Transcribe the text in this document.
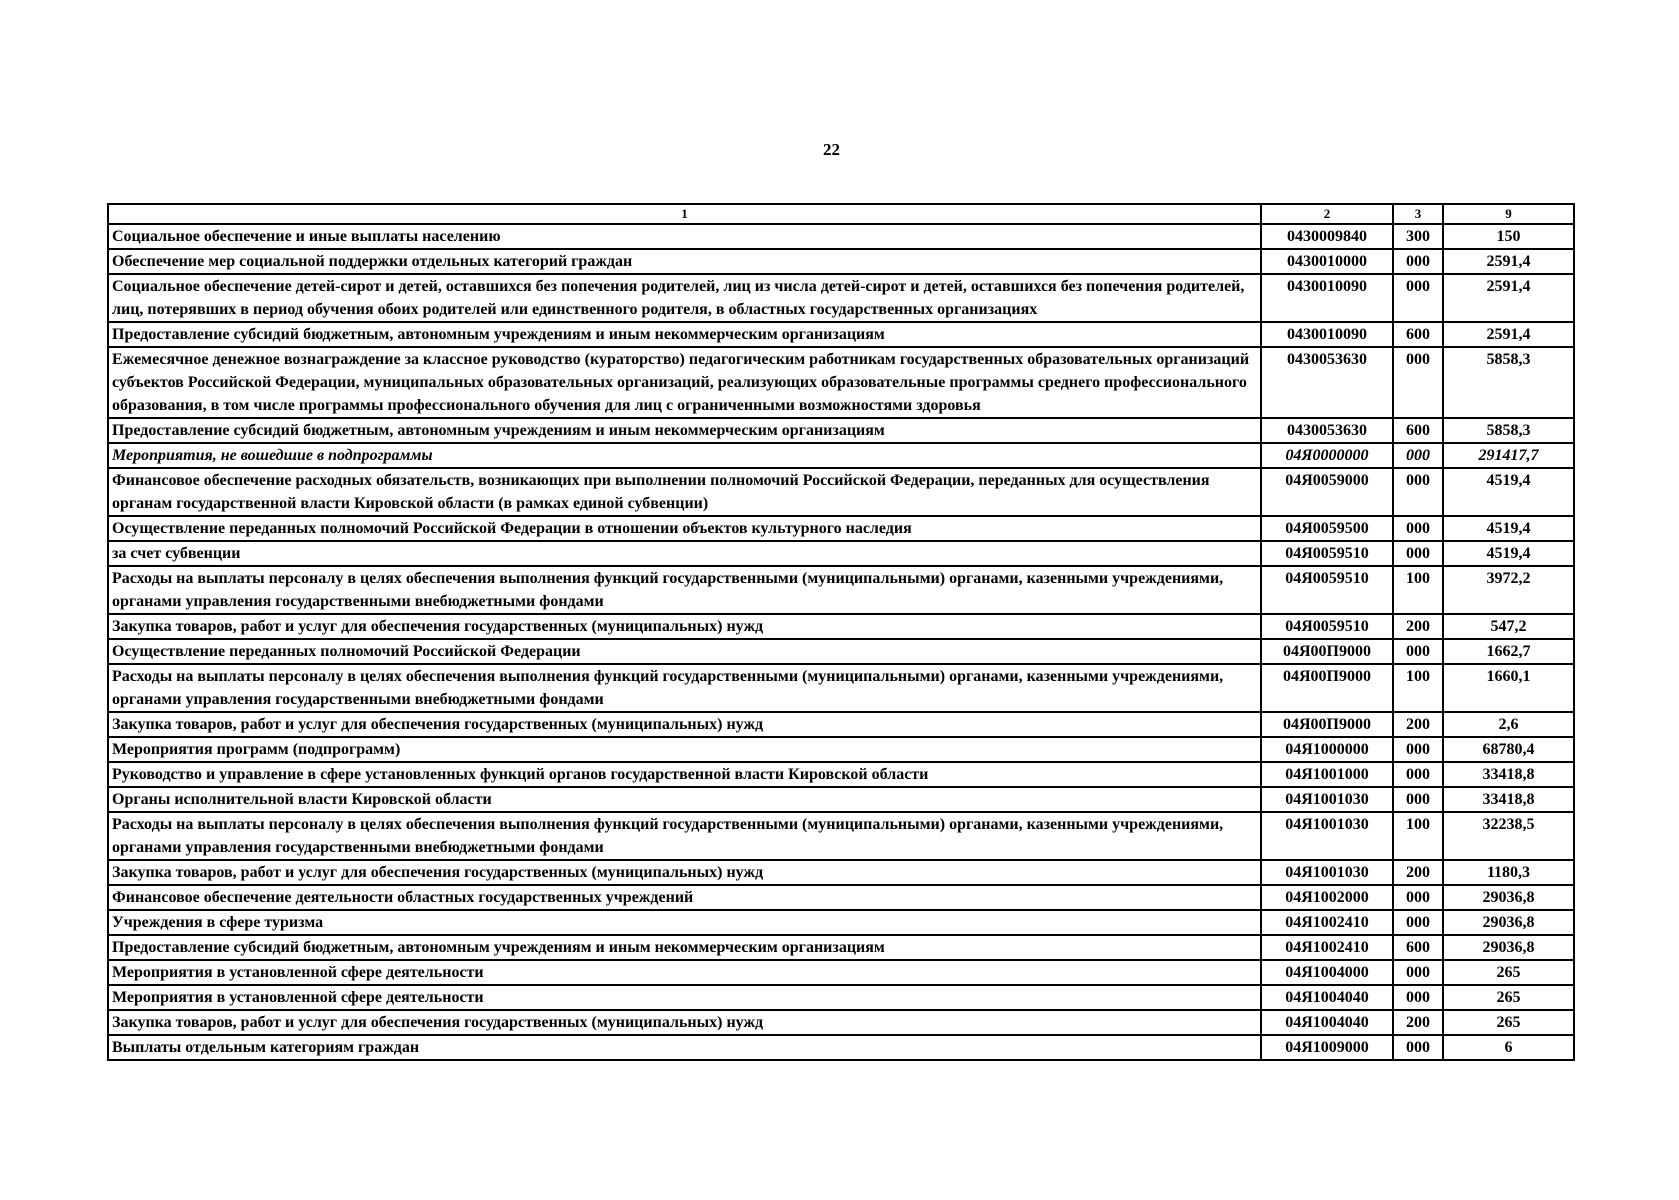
22
1	2	3	9
Социальное обеспечение и иные выплаты населению	0430009840	300	150
Обеспечение мер социальной поддержки отдельных категорий граждан	0430010000	000	2591,4
Социальное обеспечение детей-сирот и детей, оставшихся без попечения родителей, лиц из числа детей-сирот и детей, оставшихся без попечения родителей, лиц, потерявших в период обучения обоих родителей или единственного родителя, в областных государственных организациях	0430010090	000	2591,4
Предоставление субсидий бюджетным, автономным учреждениям и иным некоммерческим организациям	0430010090	600	2591,4
Ежемесячное денежное вознаграждение за классное руководство (кураторство) педагогическим работникам государственных образовательных организаций субъектов Российской Федерации, муниципальных образовательных организаций, реализующих образовательные программы среднего профессионального образования, в том числе программы профессионального обучения для лиц с ограниченными возможностями здоровья	0430053630	000	5858,3
Предоставление субсидий бюджетным, автономным учреждениям и иным некоммерческим организациям	0430053630	600	5858,3
Мероприятия, не вошедшие в подпрограммы	04Я0000000	000	291417,7
Финансовое обеспечение расходных обязательств, возникающих при выполнении полномочий Российской Федерации, переданных для осуществления органам государственной власти Кировской области (в рамках единой субвенции)	04Я0059000	000	4519,4
Осуществление переданных полномочий Российской Федерации в отношении объектов культурного наследия	04Я0059500	000	4519,4
за счет субвенции	04Я0059510	000	4519,4
Расходы на выплаты персоналу в целях обеспечения выполнения функций государственными (муниципальными) органами, казенными учреждениями, органами управления государственными внебюджетными фондами	04Я0059510	100	3972,2
Закупка товаров, работ и услуг для обеспечения государственных (муниципальных) нужд	04Я0059510	200	547,2
Осуществление переданных полномочий Российской Федерации	04Я00П9000	000	1662,7
Расходы на выплаты персоналу в целях обеспечения выполнения функций государственными (муниципальными) органами, казенными учреждениями, органами управления государственными внебюджетными фондами	04Я00П9000	100	1660,1
Закупка товаров, работ и услуг для обеспечения государственных (муниципальных) нужд	04Я00П9000	200	2,6
Мероприятия программ (подпрограмм)	04Я1000000	000	68780,4
Руководство и управление в сфере установленных функций органов государственной власти Кировской области	04Я1001000	000	33418,8
Органы исполнительной власти Кировской области	04Я1001030	000	33418,8
Расходы на выплаты персоналу в целях обеспечения выполнения функций государственными (муниципальными) органами, казенными учреждениями, органами управления государственными внебюджетными фондами	04Я1001030	100	32238,5
Закупка товаров, работ и услуг для обеспечения государственных (муниципальных) нужд	04Я1001030	200	1180,3
Финансовое обеспечение деятельности областных государственных учреждений	04Я1002000	000	29036,8
Учреждения в сфере туризма	04Я1002410	000	29036,8
Предоставление субсидий бюджетным, автономным учреждениям и иным некоммерческим организациям	04Я1002410	600	29036,8
Мероприятия в установленной сфере деятельности	04Я1004000	000	265
Мероприятия в установленной сфере деятельности	04Я1004040	000	265
Закупка товаров, работ и услуг для обеспечения государственных (муниципальных) нужд	04Я1004040	200	265
Выплаты отдельным категориям граждан	04Я1009000	000	6
